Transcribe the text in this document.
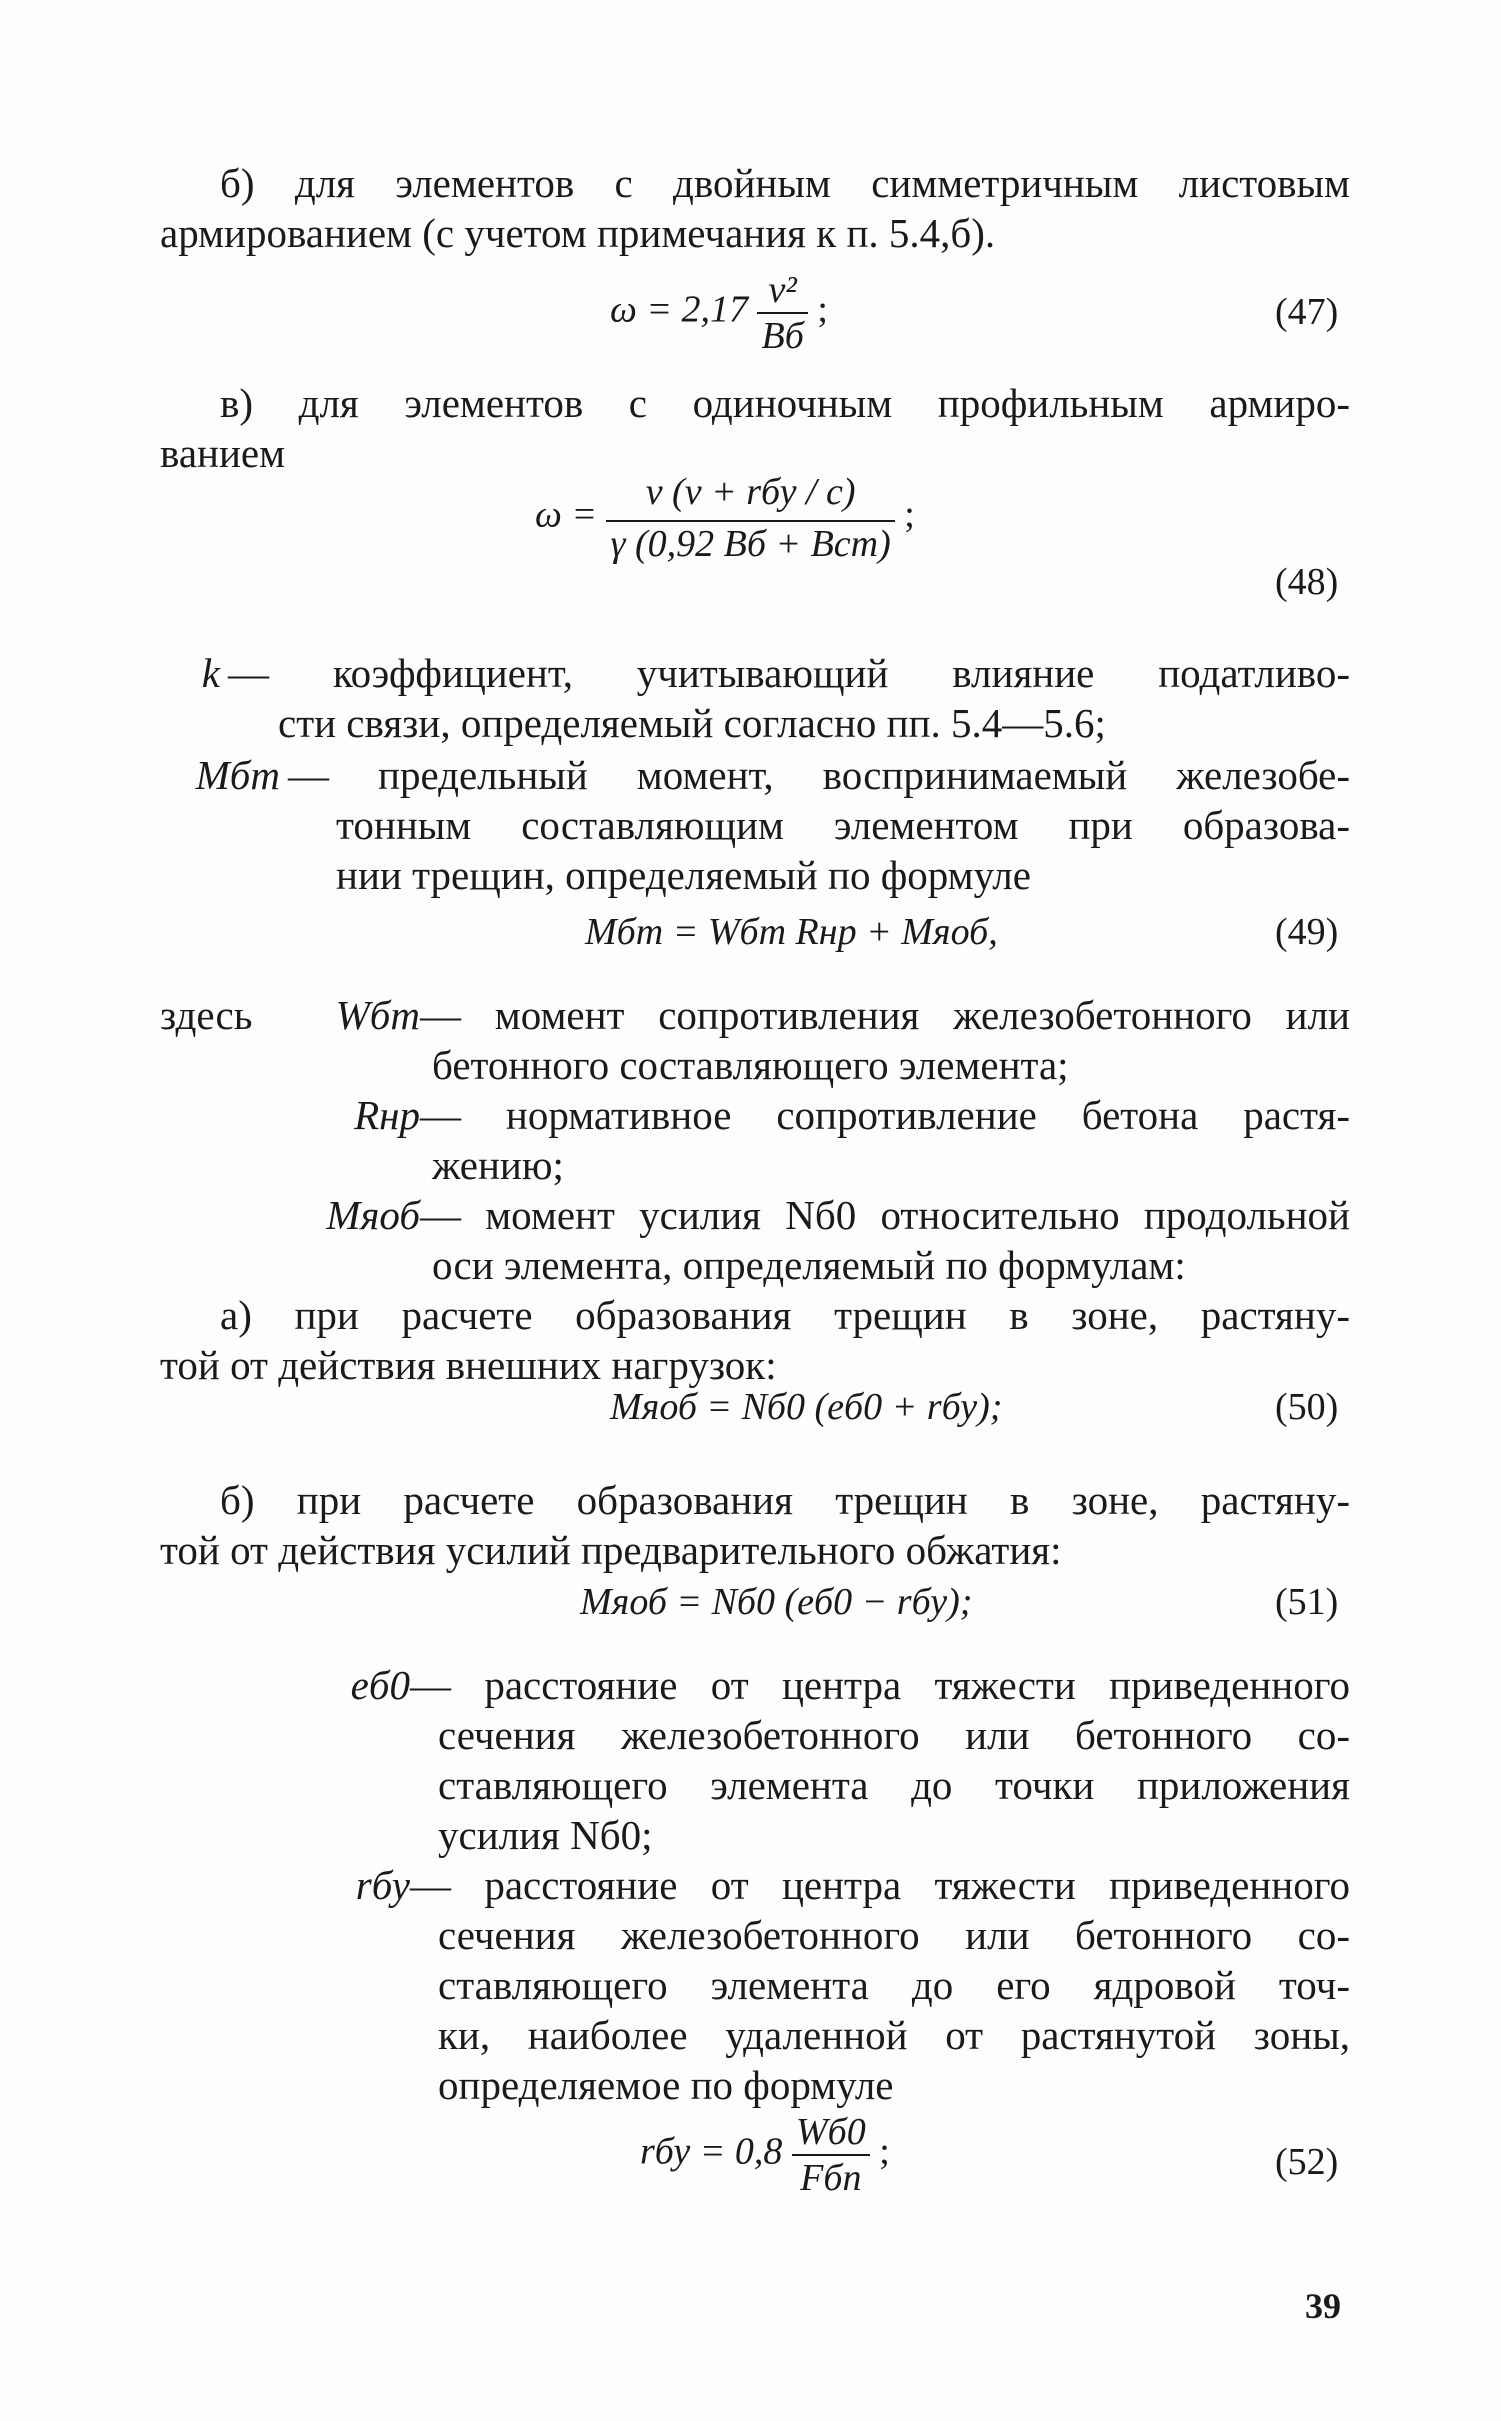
б) для элементов с двойным симметричным листовым
армированием (с учетом примечания к п. 5.4,б).

$\omega = 2,17 \frac{\text{v²}}{Bб}$ ;	(47)

в) для элементов с одиночным профильным армиро-
ванием

$\omega = \frac{\text{v (v + rбу / c)}}{\text{γ (0,92 Bб + Bст)}}$ ;
(48)
k — коэффициент, учитывающий влияние податливо-
сти связи, определяемый согласно пп. 5.4—5.6;
Mбт — предельный момент, воспринимаемый железобе-
тонным составляющим элементом при образова-
нии трещин, определяемый по формуле
Mбт = Wбт Rнр + Mяоб,	(49)
здесь	Wбт — момент сопротивления железобетонного или
бетонного составляющего элемента;
Rнр — нормативное сопротивление бетона растя-
жению;
Mяоб — момент усилия Nб0 относительно продольной
оси элемента, определяемый по формулам:

а) при расчете образования трещин в зоне, растяну-
той от действия внешних нагрузок:

Mяоб = Nб0 (eб0 + rбу);	(50)

б) при расчете образования трещин в зоне, растяну-
той от действия усилий предварительного обжатия:

Mяоб = Nб0 (eб0 − rбу);	(51)
eб0 — расстояние от центра тяжести приведенного
сечения железобетонного или бетонного со-
ставляющего элемента до точки приложения
усилия Nб0;
rбу — расстояние от центра тяжести приведенного
сечения железобетонного или бетонного со-
ставляющего элемента до его ядровой точ-
ки, наиболее удаленной от растянутой зоны,
определяемое по формуле
rбу = $0,8 \frac{Wб0}{\text{Fбп}}$ ;	(52)
39
